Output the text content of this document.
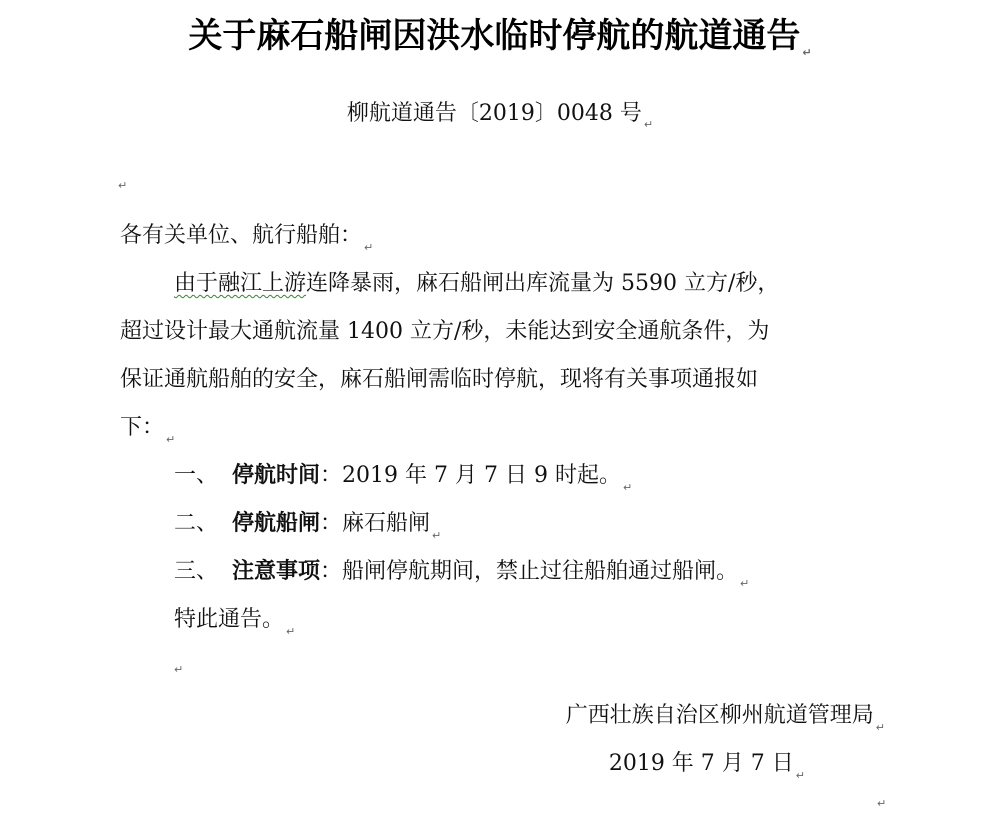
关于麻石船闸因洪水临时停航的航道通告 ↵
柳航道通告〔2019〕0048 号 ↵
↵
各有关单位、航行船舶： ↵
由于融江上游连降暴雨，麻石船闸出库流量为 5590 立方/秒，
超过设计最大通航流量 1400 立方/秒，未能达到安全通航条件，为
保证通航船舶的安全，麻石船闸需临时停航，现将有关事项通报如
下： ↵
一、 停航时间：2019 年 7 月 7 日 9 时起。 ↵
二、 停航船闸：麻石船闸 ↵
三、 注意事项：船闸停航期间，禁止过往船舶通过船闸。 ↵
特此通告。 ↵
↵
广西壮族自治区柳州航道管理局 ↵
2019 年 7 月 7 日 ↵
↵
